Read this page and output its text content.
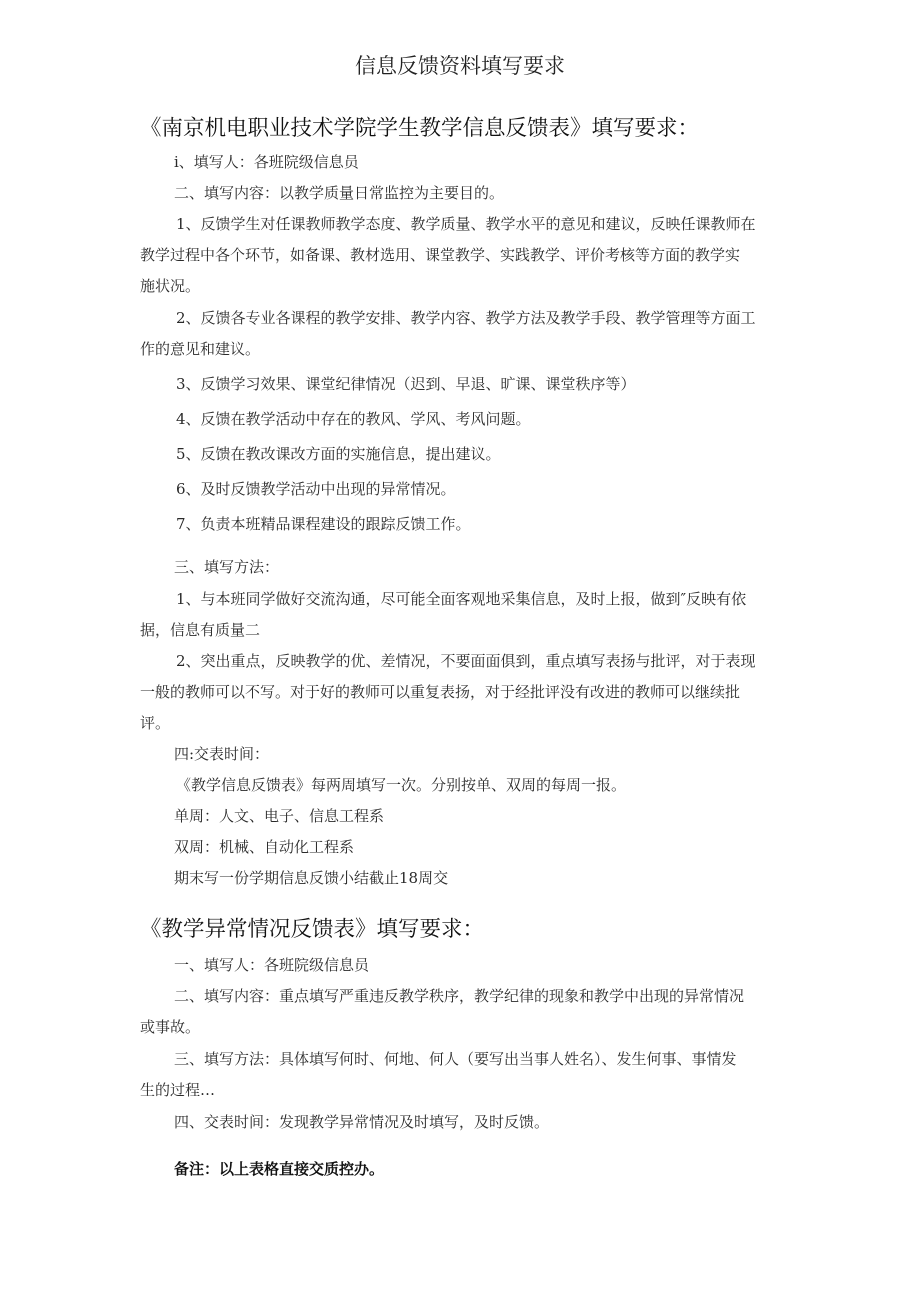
信息反馈资料填写要求
《南京机电职业技术学院学生教学信息反馈表》填写要求：
i、填写人：各班院级信息员
二、填写内容：以教学质量日常监控为主要目的。
1、反馈学生对任课教师教学态度、教学质量、教学水平的意见和建议，反映任课教师在
教学过程中各个环节，如备课、教材选用、课堂教学、实践教学、评价考核等方面的教学实
施状况。
2、反馈各专业各课程的教学安排、教学内容、教学方法及教学手段、教学管理等方面工
作的意见和建议。
3、反馈学习效果、课堂纪律情况（迟到、早退、旷课、课堂秩序等）
4、反馈在教学活动中存在的教风、学风、考风问题。
5、反馈在教改课改方面的实施信息，提出建议。
6、及时反馈教学活动中出现的异常情况。
7、负责本班精品课程建设的跟踪反馈工作。
三、填写方法：
1、与本班同学做好交流沟通，尽可能全面客观地采集信息，及时上报，做到″反映有依
据，信息有质量二
2、突出重点，反映教学的优、差情况，不要面面俱到，重点填写表扬与批评，对于表现
一般的教师可以不写。对于好的教师可以重复表扬，对于经批评没有改进的教师可以继续批
评。
四:交表时间：
《教学信息反馈表》每两周填写一次。分别按单、双周的每周一报。
单周：人文、电子、信息工程系
双周：机械、自动化工程系
期末写一份学期信息反馈小结截止18周交
《教学异常情况反馈表》填写要求：
一、填写人：各班院级信息员
二、填写内容：重点填写严重违反教学秩序，教学纪律的现象和教学中出现的异常情况
或事故。
三、填写方法：具体填写何时、何地、何人（要写出当事人姓名）、发生何事、事情发
生的过程…
四、交表时间：发现教学异常情况及时填写，及时反馈。
备注：以上表格直接交质控办。
